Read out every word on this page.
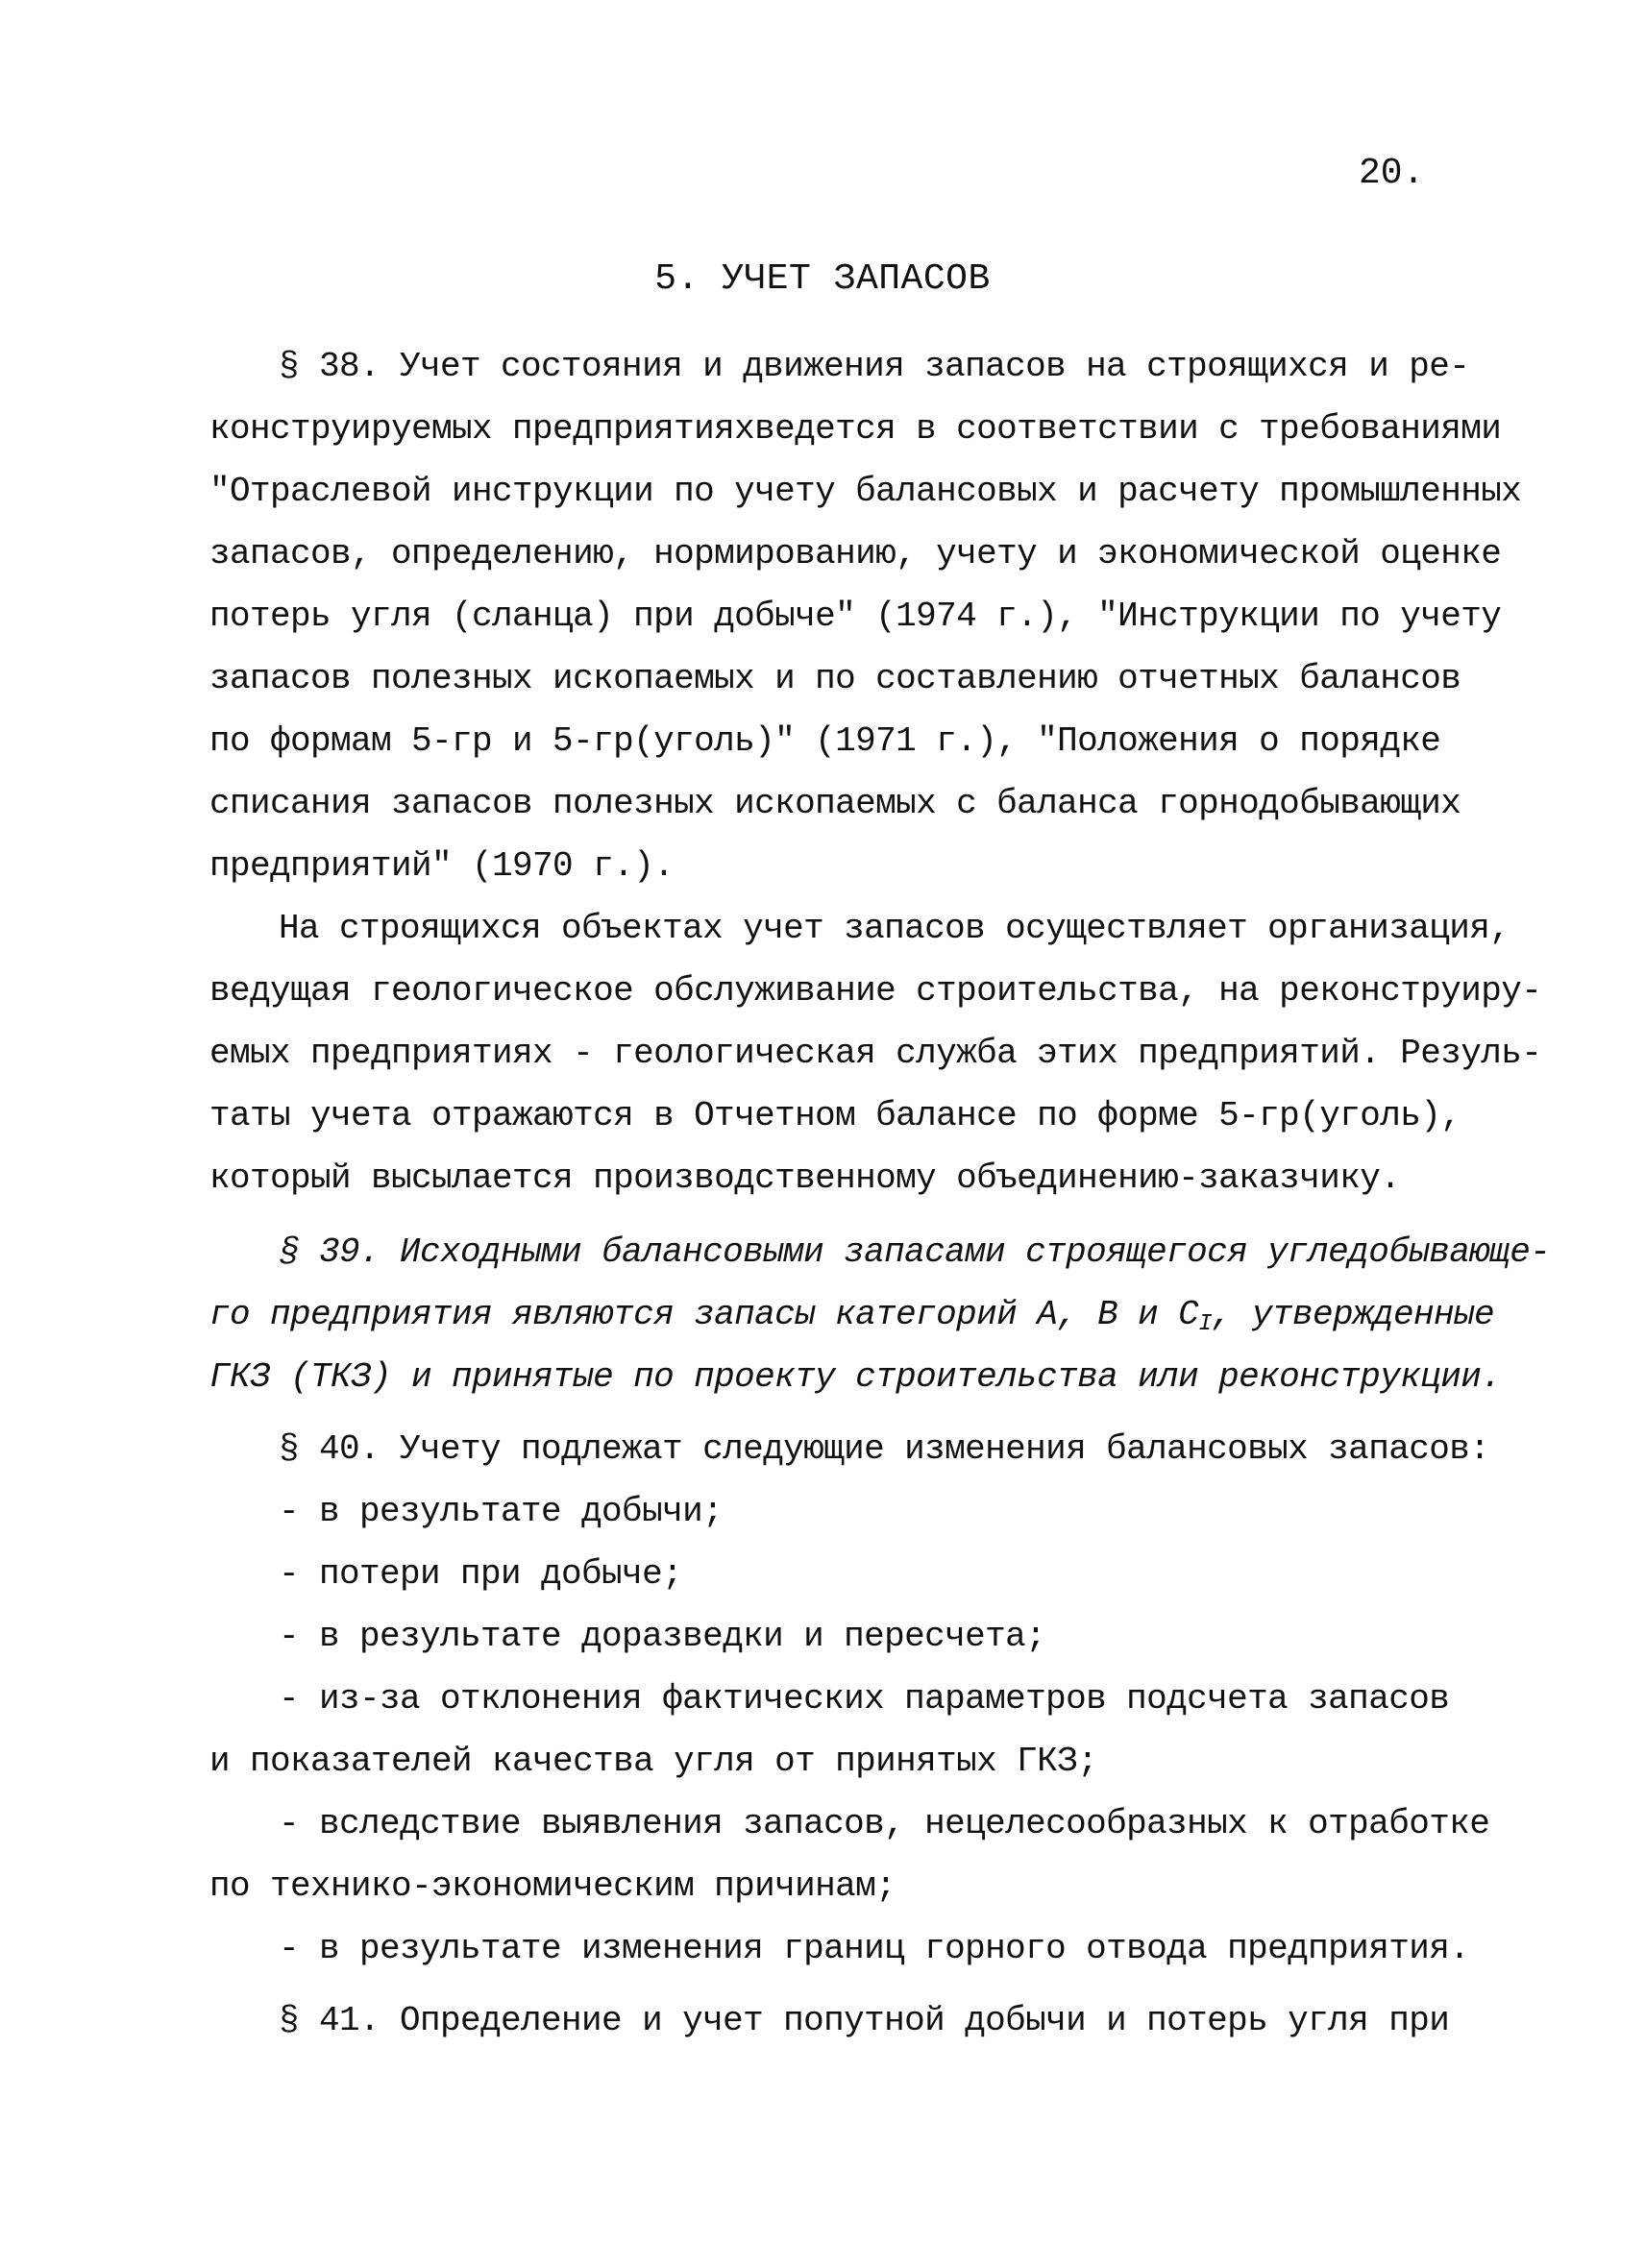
20.
5. УЧЕТ ЗАПАСОВ
§ 38. Учет состояния и движения запасов на строящихся и ре-
конструируемых предприятияхведется в соответствии с требованиями
"Отраслевой инструкции по учету балансовых и расчету промышленных
запасов, определению, нормированию, учету и экономической оценке
потерь угля (сланца) при добыче" (1974 г.), "Инструкции по учету
запасов полезных ископаемых и по составлению отчетных балансов
по формам 5-гр и 5-гр(уголь)" (1971 г.), "Положения о порядке
списания запасов полезных ископаемых с баланса горнодобывающих
предприятий" (1970 г.).
На строящихся объектах учет запасов осуществляет организация,
ведущая геологическое обслуживание строительства, на реконструиру-
емых предприятиях - геологическая служба этих предприятий. Резуль-
таты учета отражаются в Отчетном балансе по форме 5-гр(уголь),
который высылается производственному объединению-заказчику.
§ 39. Исходными балансовыми запасами строящегося угледобывающе-
го предприятия являются запасы категорий А, В и $С_I$, утвержденные
ГКЗ (ТКЗ) и принятые по проекту строительства или реконструкции.
§ 40. Учету подлежат следующие изменения балансовых запасов:
- в результате добычи;
- потери при добыче;
- в результате доразведки и пересчета;
- из-за отклонения фактических параметров подсчета запасов
и показателей качества угля от принятых ГКЗ;
- вследствие выявления запасов, нецелесообразных к отработке
по технико-экономическим причинам;
- в результате изменения границ горного отвода предприятия.
§ 41. Определение и учет попутной добычи и потерь угля при
